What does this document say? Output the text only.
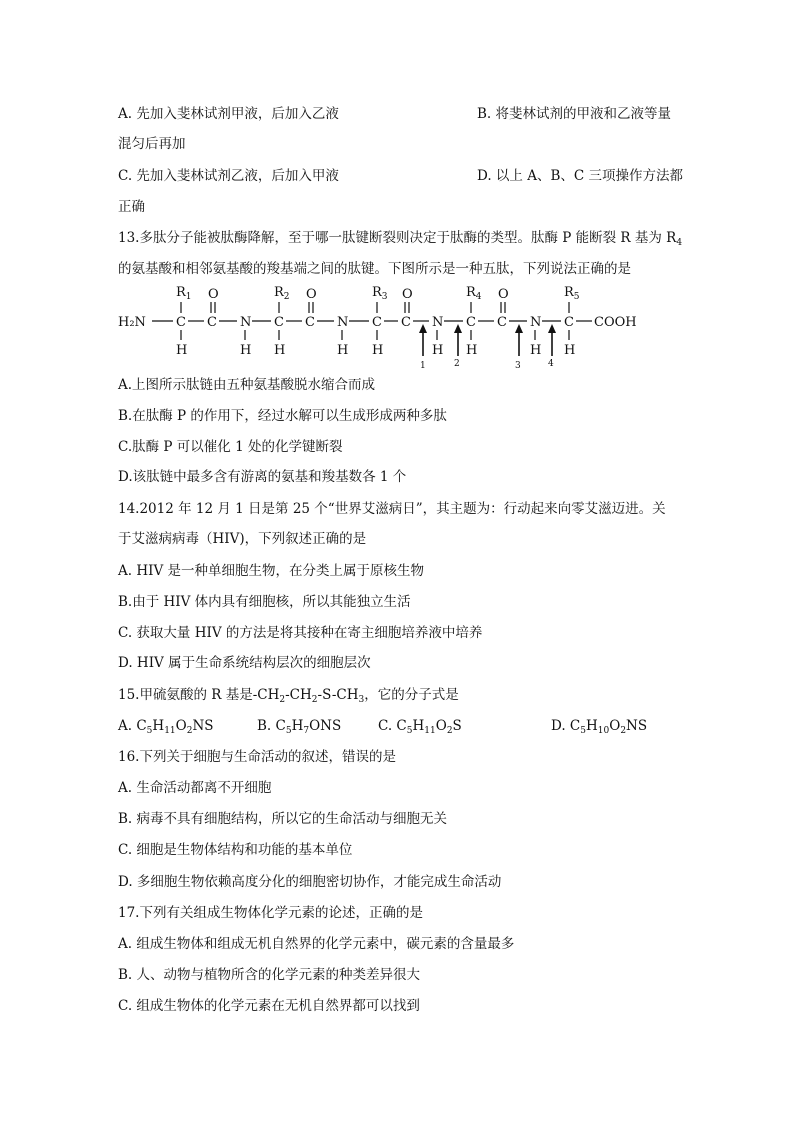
A. 先加入斐林试剂甲液，后加入乙液	B. 将斐林试剂的甲液和乙液等量
混匀后再加
C. 先加入斐林试剂乙液，后加入甲液	D. 以上 A、B、C 三项操作方法都
正确
13.多肽分子能被肽酶降解，至于哪一肽键断裂则决定于肽酶的类型。肽酶 P 能断裂 R 基为 $R_4$
的氨基酸和相邻氨基酸的羧基端之间的肽键。下图所示是一种五肽，下列说法正确的是
$R_1$	$R_2$	$R_3$	$R_4$	$R_5$
O	O	O	O
H₂N C C N C C N C C N C C N C COOH
H	H H	H H	H H	H H
1	2	3	4
A.上图所示肽链由五种氨基酸脱水缩合而成
B.在肽酶 P 的作用下，经过水解可以生成形成两种多肽
C.肽酶 P 可以催化 1 处的化学键断裂
D.该肽链中最多含有游离的氨基和羧基数各 1 个
14.2012 年 12 月 1 日是第 25 个“世界艾滋病日”，其主题为：行动起来向零艾滋迈进。关
于艾滋病病毒（HIV)，下列叙述正确的是
A. HIV 是一种单细胞生物，在分类上属于原核生物
B.由于 HIV 体内具有细胞核，所以其能独立生活
C. 获取大量 HIV 的方法是将其接种在寄主细胞培养液中培养
D. HIV 属于生命系统结构层次的细胞层次
15.甲硫氨酸的 R 基是$-CH_2-CH_2-S-CH_3$，它的分子式是
A. $C_5H_{11}O_2NS$	B. $C_5H_7ONS$	C. $C_5H_{11}O_2S$	D. $C_5H_{10}O_2NS$
16.下列关于细胞与生命活动的叙述，错误的是
A. 生命活动都离不开细胞
B. 病毒不具有细胞结构，所以它的生命活动与细胞无关
C. 细胞是生物体结构和功能的基本单位
D. 多细胞生物依赖高度分化的细胞密切协作，才能完成生命活动
17.下列有关组成生物体化学元素的论述，正确的是
A. 组成生物体和组成无机自然界的化学元素中，碳元素的含量最多
B. 人、动物与植物所含的化学元素的种类差异很大
C. 组成生物体的化学元素在无机自然界都可以找到
